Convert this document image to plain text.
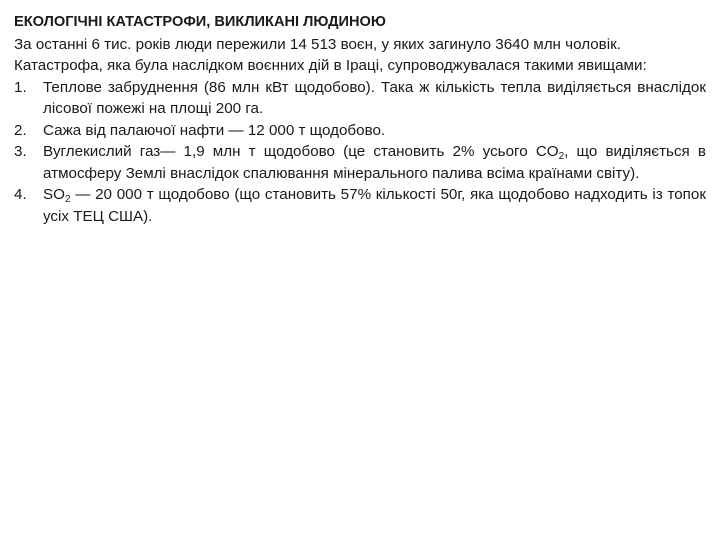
ЕКОЛОГІЧНІ КАТАСТРОФИ, ВИКЛИКАНІ ЛЮДИНОЮ

За останні 6 тис. років люди пережили 14 513 воєн, у яких загинуло 3640 млн чоловік.

Катастрофа, яка була наслідком воєнних дій в Іраці, супроводжувалася такими явищами:

1. Теплове забруднення (86 млн кВт щодобово). Така ж кількість тепла виділяється внаслідок лісової пожежі на площі 200 га.
2. Сажа від палаючої нафти — 12 000 т щодобово.
3. Вуглекислий газ— 1,9 млн т щодобово (це становить 2% усього $CO_2$, що виділяється в атмосферу Землі внаслідок спалювання мінерального палива всіма країнами світу).
4. $SO_2$ — 20 000 т щодобово (що становить 57% кількості 50г, яка щодобово надходить із топок усіх ТЕЦ США).
